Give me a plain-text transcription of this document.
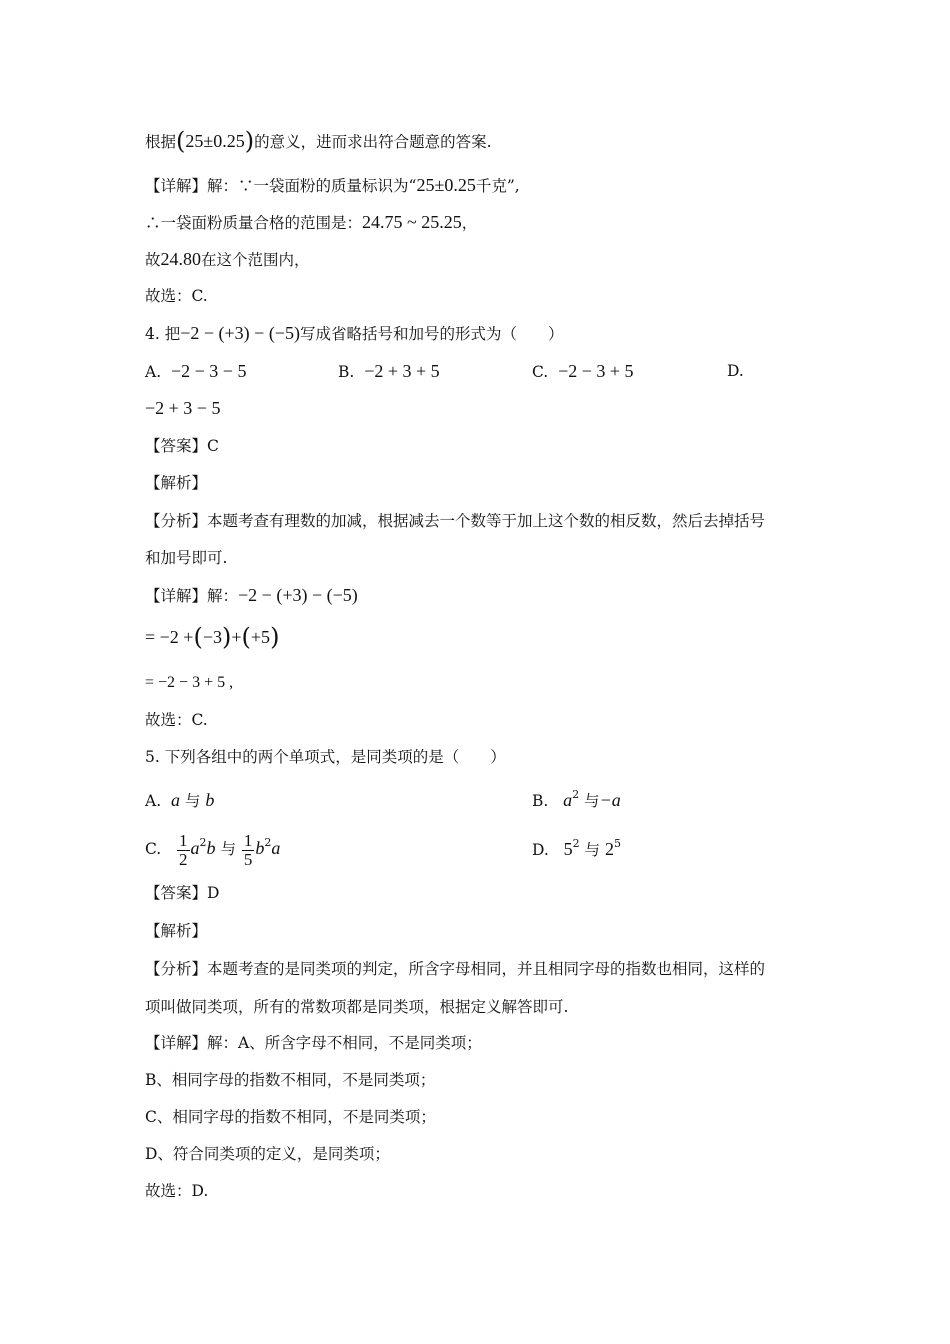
根据(25±0.25)的意义，进而求出符合题意的答案.
【详解】解：∵一袋面粉的质量标识为“25±0.25千克”,
∴一袋面粉质量合格的范围是：24.75 ~ 25.25，
故24.80在这个范围内，
故选：C.
4. 把−2 − (+3) − (−5)写成省略括号和加号的形式为（　　）
A. −2 − 3 − 5	B. −2 + 3 + 5	C. −2 − 3 + 5	D.
−2 + 3 − 5
【答案】C
【解析】
【分析】本题考查有理数的加减，根据减去一个数等于加上这个数的相反数，然后去掉括号
和加号即可.
【详解】解：−2 − (+3) − (−5)
= −2 +(−3)+(+5)
= −2 − 3 + 5 ,
故选：C.
5. 下列各组中的两个单项式，是同类项的是（　　）
A. a 与 b	B. $a^2$ 与−a
C. $\frac{1}{2} a^2b$ 与 $\frac{1}{5} b^2a$	D. $5^2$ 与 $2^5$
【答案】D
【解析】
【分析】本题考查的是同类项的判定，所含字母相同，并且相同字母的指数也相同，这样的
项叫做同类项，所有的常数项都是同类项，根据定义解答即可.
【详解】解：A、所含字母不相同，不是同类项；
B、相同字母的指数不相同，不是同类项；
C、相同字母的指数不相同，不是同类项；
D、符合同类项的定义，是同类项；
故选：D.
